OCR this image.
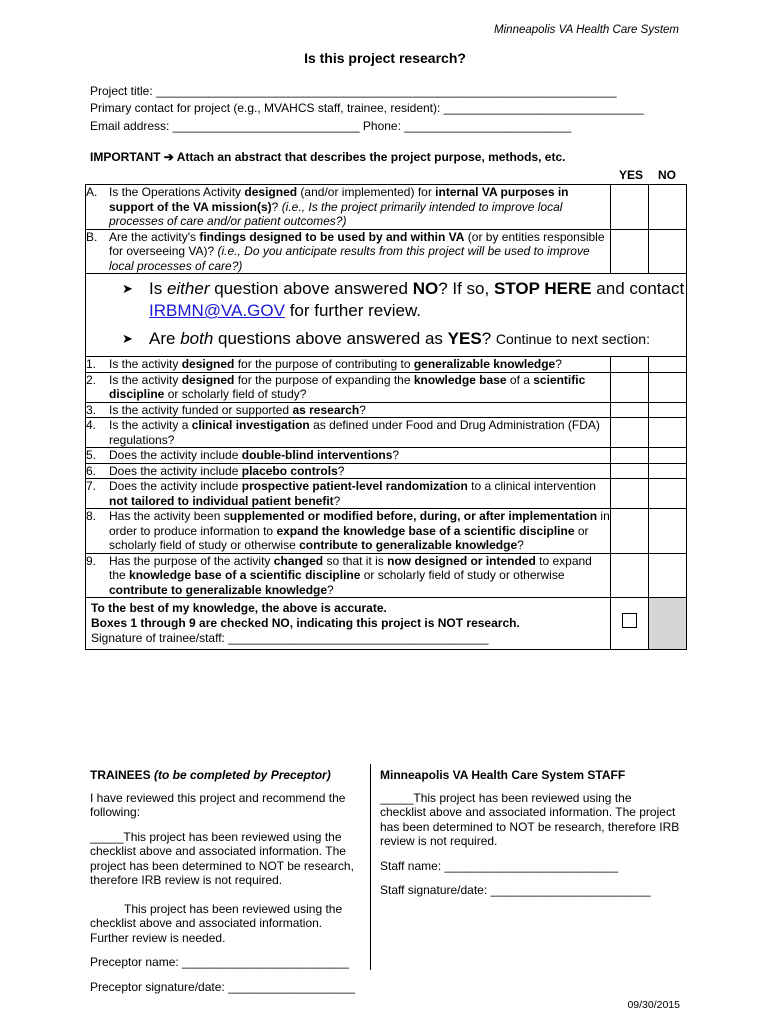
Minneapolis VA Health Care System
Is this project research?
Project title: _____________________________________________________________________
Primary contact for project (e.g., MVAHCS staff, trainee, resident): ______________________________
Email address: ____________________________ Phone: _________________________
IMPORTANT ➔ Attach an abstract that describes the project purpose, methods, etc.
YES NO
A. Is the Operations Activity designed (and/or implemented) for internal VA purposes in support of the VA mission(s)? (i.e., Is the project primarily intended to improve local processes of care and/or patient outcomes?)		

B. Are the activity's findings designed to be used by and within VA (or by entities responsible for overseeing VA)? (i.e., Do you anticipate results from this project will be used to improve local processes of care?)		

➤ Is either question above answered NO? If so, STOP HERE and contact IRBMN@VA.GOV for further review.
➤ Are both questions above answered as YES? Continue to next section:		

1. Is the activity designed for the purpose of contributing to generalizable knowledge?		

2. Is the activity designed for the purpose of expanding the knowledge base of a scientific discipline or scholarly field of study?		

3. Is the activity funded or supported as research?		

4. Is the activity a clinical investigation as defined under Food and Drug Administration (FDA) regulations?		

5. Does the activity include double-blind interventions?		

6. Does the activity include placebo controls?		

7. Does the activity include prospective patient-level randomization to a clinical intervention not tailored to individual patient benefit?		

8. Has the activity been supplemented or modified before, during, or after implementation in order to produce information to expand the knowledge base of a scientific discipline or scholarly field of study or otherwise contribute to generalizable knowledge?		

9. Has the purpose of the activity changed so that it is now designed or intended to expand the knowledge base of a scientific discipline or scholarly field of study or otherwise contribute to generalizable knowledge?		

To the best of my knowledge, the above is accurate.
Boxes 1 through 9 are checked NO, indicating this project is NOT research.
Signature of trainee/staff: _______________________________________		

TRAINEES (to be completed by Preceptor)

I have reviewed this project and recommend the following:

_____This project has been reviewed using the checklist above and associated information. The project has been determined to NOT be research, therefore IRB review is not required.

This project has been reviewed using the checklist above and associated information. Further review is needed.

Preceptor name: _________________________

Preceptor signature/date: ___________________

Minneapolis VA Health Care System STAFF

_____This project has been reviewed using the checklist above and associated information. The project has been determined to NOT be research, therefore IRB review is not required.

Staff name: __________________________

Staff signature/date: ________________________

09/30/2015
